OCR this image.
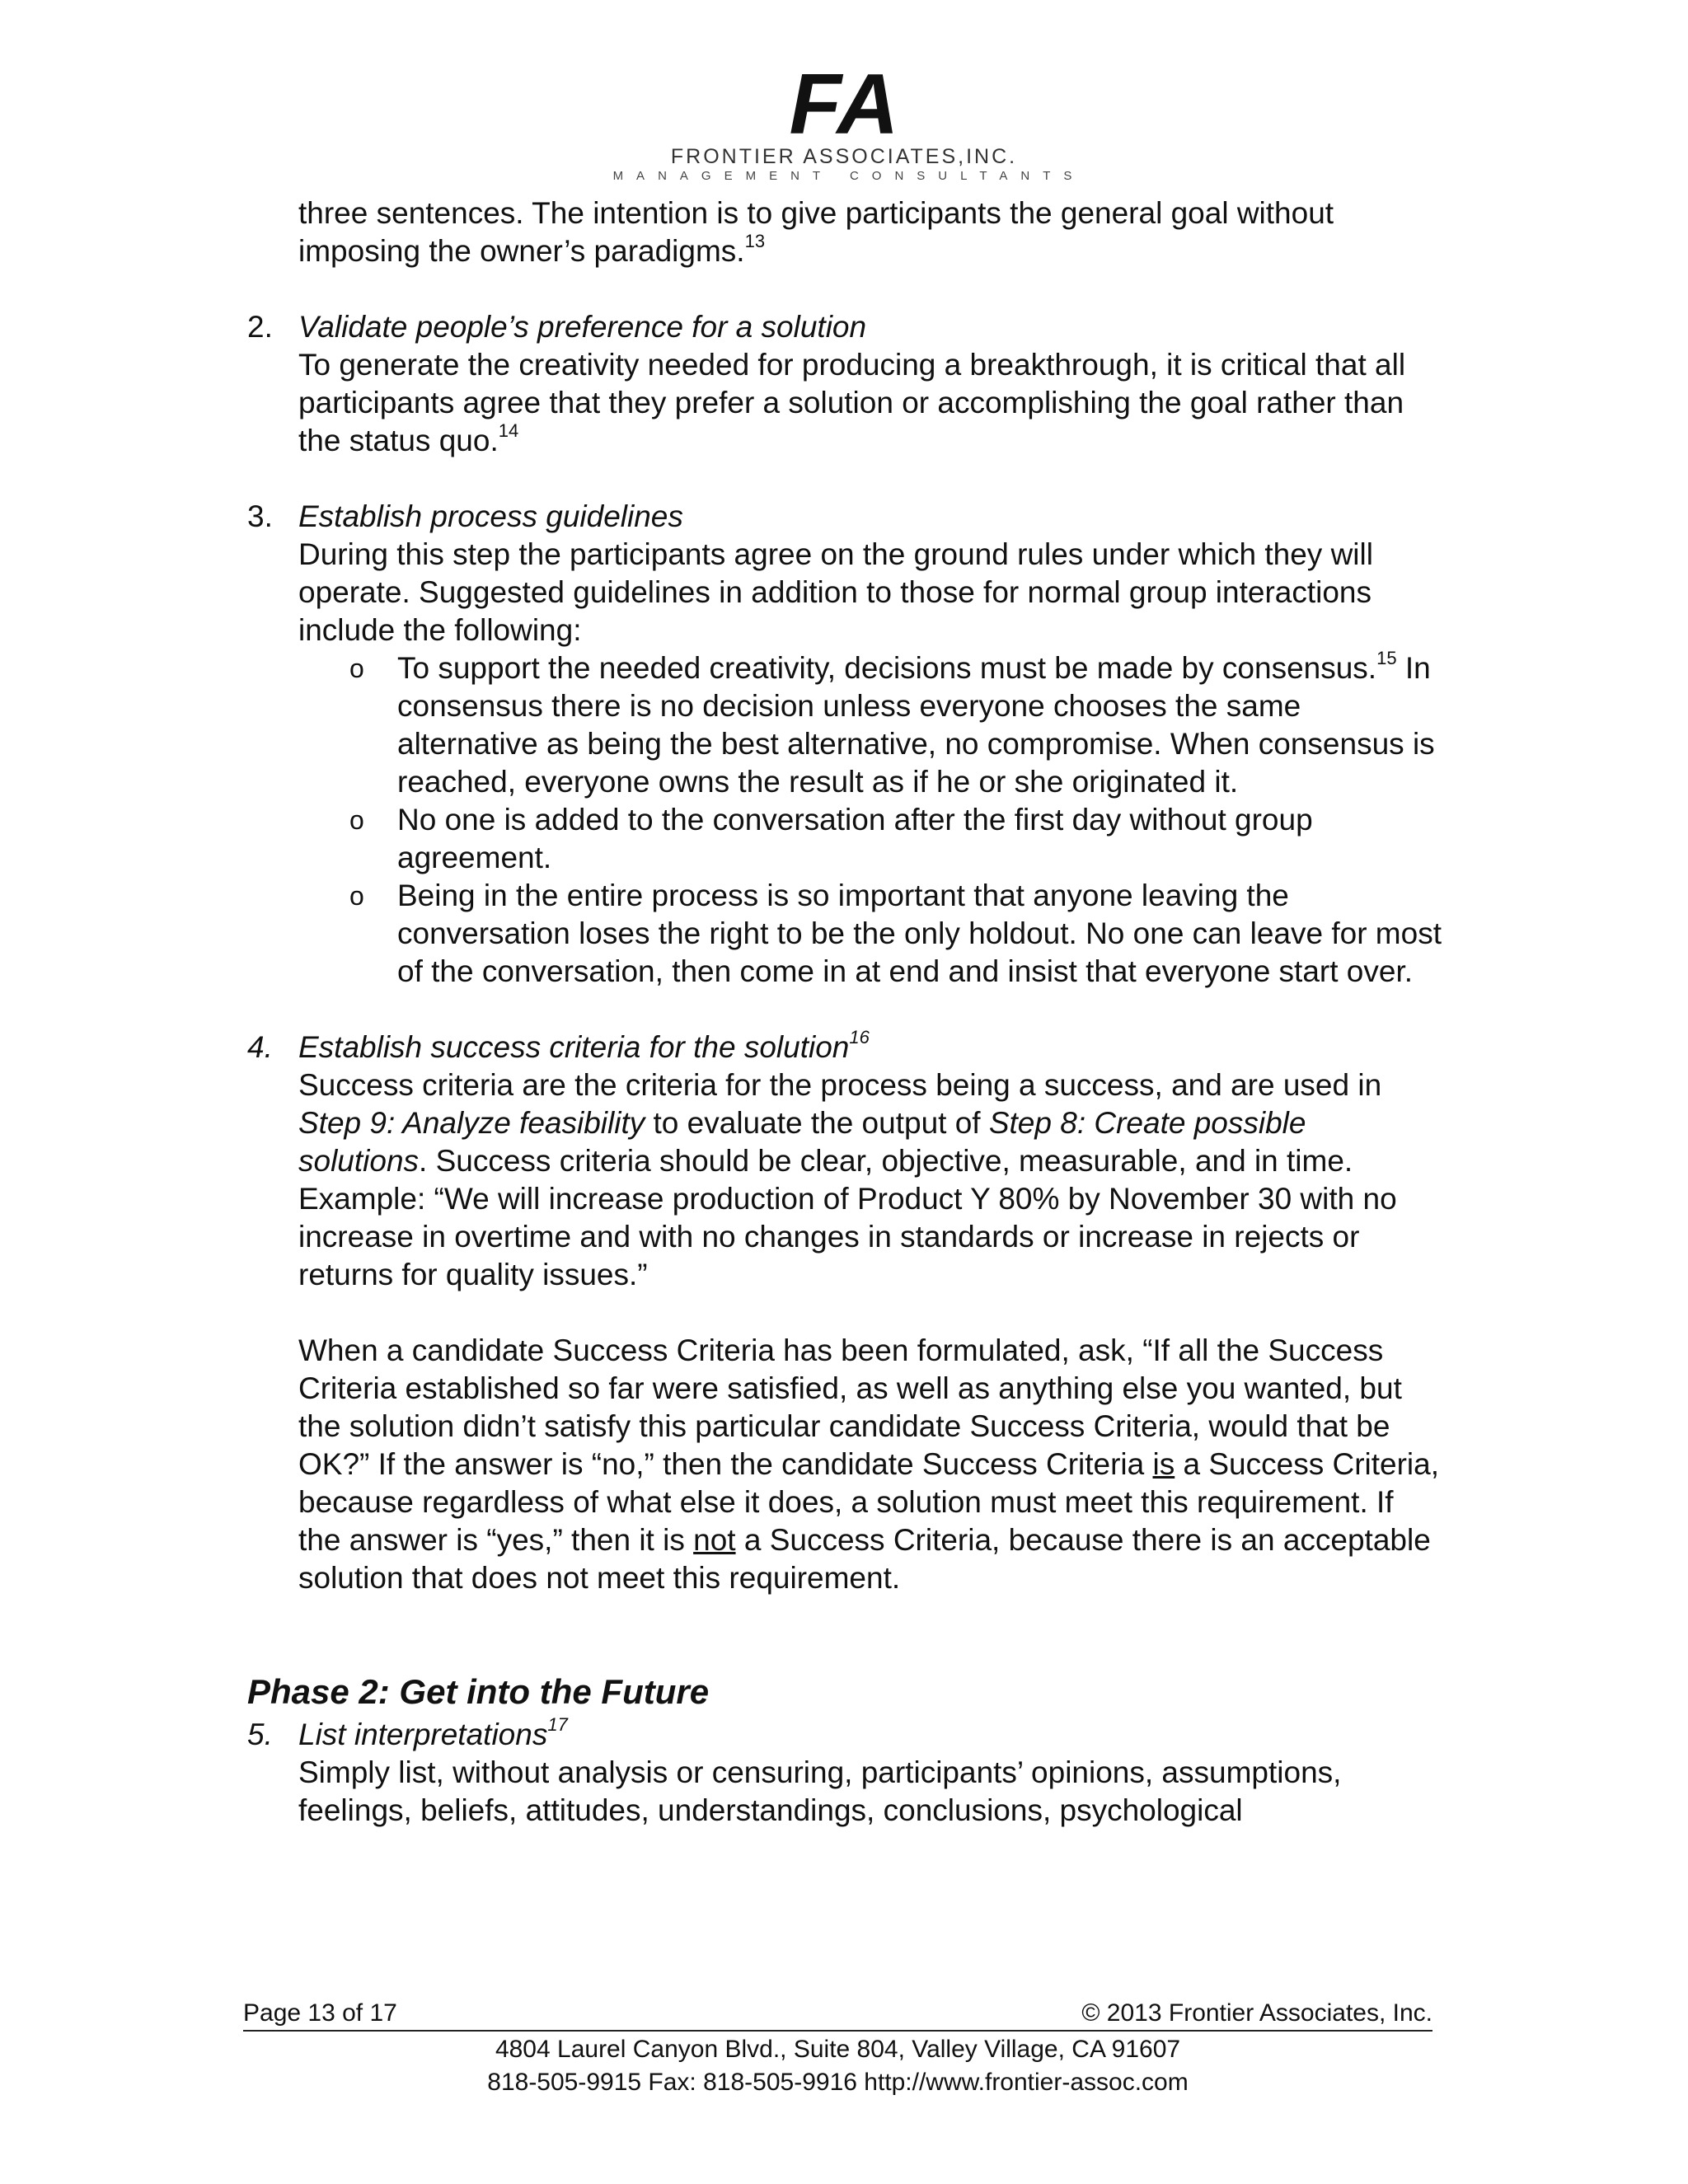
FA
FRONTIER ASSOCIATES,INC.
MANAGEMENT CONSULTANTS

three sentences. The intention is to give participants the general goal without imposing the owner’s paradigms.$^{13}$

2. Validate people’s preference for a solution

To generate the creativity needed for producing a breakthrough, it is critical that all participants agree that they prefer a solution or accomplishing the goal rather than the status quo.$^{14}$

3. Establish process guidelines

During this step the participants agree on the ground rules under which they will operate. Suggested guidelines in addition to those for normal group interactions include the following:

o To support the needed creativity, decisions must be made by consensus.$^{15}$ In consensus there is no decision unless everyone chooses the same alternative as being the best alternative, no compromise. When consensus is reached, everyone owns the result as if he or she originated it.
o No one is added to the conversation after the first day without group agreement.
o Being in the entire process is so important that anyone leaving the conversation loses the right to be the only holdout. No one can leave for most of the conversation, then come in at end and insist that everyone start over.
4. Establish success criteria for the solution$^{16}$

Success criteria are the criteria for the process being a success, and are used in Step 9: Analyze feasibility to evaluate the output of Step 8: Create possible solutions. Success criteria should be clear, objective, measurable, and in time. Example: “We will increase production of Product Y 80% by November 30 with no increase in overtime and with no changes in standards or increase in rejects or returns for quality issues.”

When a candidate Success Criteria has been formulated, ask, “If all the Success Criteria established so far were satisfied, as well as anything else you wanted, but the solution didn’t satisfy this particular candidate Success Criteria, would that be OK?” If the answer is “no,” then the candidate Success Criteria is a Success Criteria, because regardless of what else it does, a solution must meet this requirement. If the answer is “yes,” then it is not a Success Criteria, because there is an acceptable solution that does not meet this requirement.

Phase 2: Get into the Future
5. List interpretations$^{17}$

Simply list, without analysis or censuring, participants’ opinions, assumptions, feelings, beliefs, attitudes, understandings, conclusions, psychological

Page 13 of 17	© 2013 Frontier Associates, Inc.
4804 Laurel Canyon Blvd., Suite 804, Valley Village, CA 91607
818-505-9915 Fax: 818-505-9916 http://www.frontier-assoc.com
